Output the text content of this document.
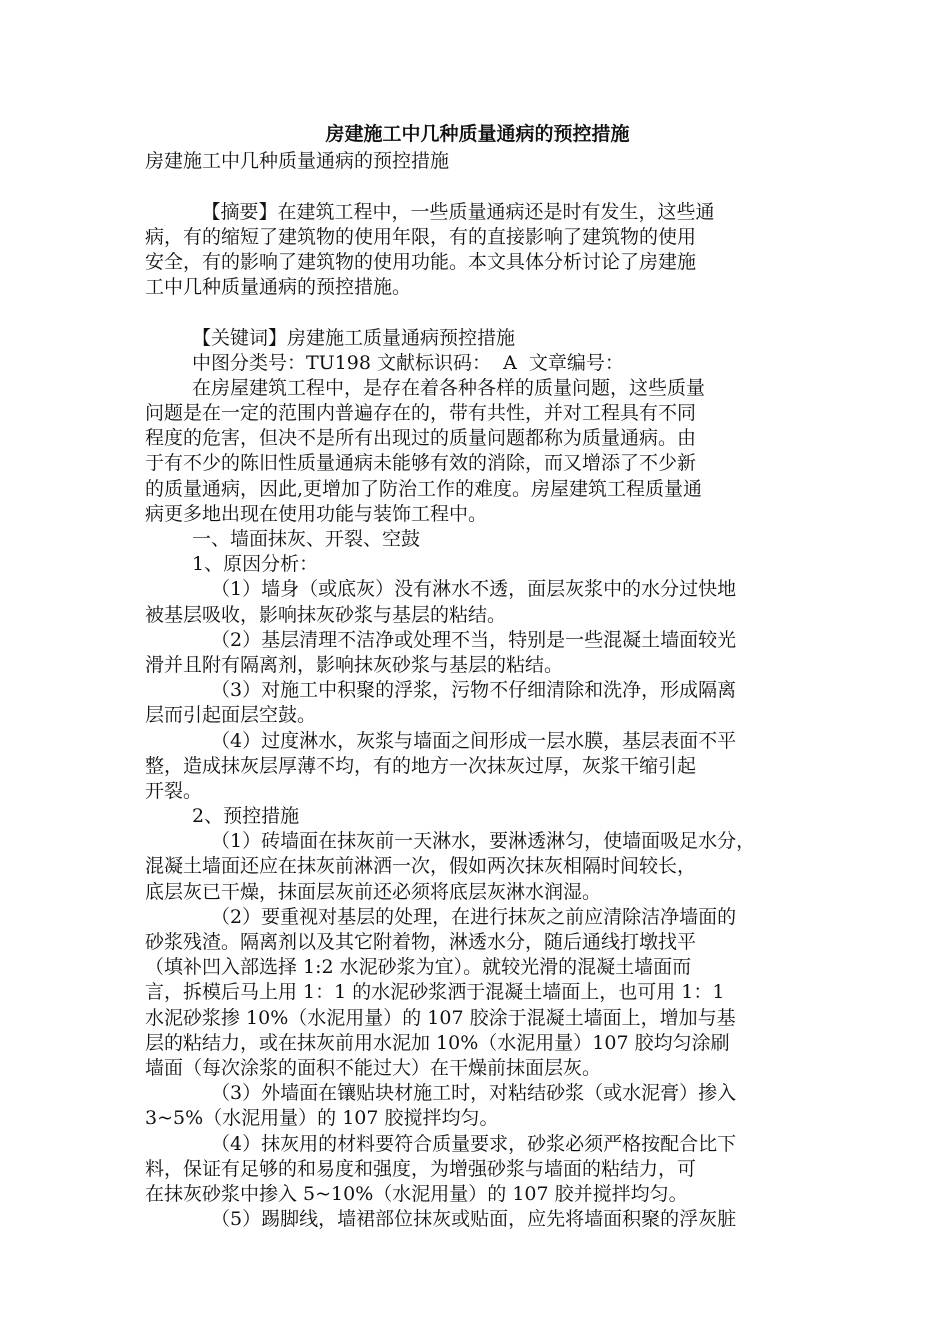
房建施工中几种质量通病的预控措施
房建施工中几种质量通病的预控措施
　【摘要】在建筑工程中，一些质量通病还是时有发生，这些通
病，有的缩短了建筑物的使用年限，有的直接影响了建筑物的使用
安全，有的影响了建筑物的使用功能。本文具体分析讨论了房建施
工中几种质量通病的预控措施。
【关键词】房建施工质量通病预控措施
中图分类号：TU198 文献标识码：  A  文章编号：
在房屋建筑工程中，是存在着各种各样的质量问题，这些质量
问题是在一定的范围内普遍存在的，带有共性，并对工程具有不同
程度的危害，但决不是所有出现过的质量问题都称为质量通病。由
于有不少的陈旧性质量通病未能够有效的消除，而又增添了不少新
的质量通病，因此,更增加了防治工作的难度。房屋建筑工程质量通
病更多地出现在使用功能与装饰工程中。
一、墙面抹灰、开裂、空鼓
1、原因分析：
（1）墙身（或底灰）没有淋水不透，面层灰浆中的水分过快地
被基层吸收，影响抹灰砂浆与基层的粘结。
（2）基层清理不洁净或处理不当，特别是一些混凝土墙面较光
滑并且附有隔离剂，影响抹灰砂浆与基层的粘结。
（3）对施工中积聚的浮浆，污物不仔细清除和洗净，形成隔离
层而引起面层空鼓。
（4）过度淋水，灰浆与墙面之间形成一层水膜，基层表面不平
整，造成抹灰层厚薄不均，有的地方一次抹灰过厚，灰浆干缩引起
开裂。
2、预控措施
（1）砖墙面在抹灰前一天淋水，要淋透淋匀，使墙面吸足水分，
混凝土墙面还应在抹灰前淋洒一次，假如两次抹灰相隔时间较长，
底层灰已干燥，抹面层灰前还必须将底层灰淋水润湿。
（2）要重视对基层的处理，在进行抹灰之前应清除洁净墙面的
砂浆残渣。隔离剂以及其它附着物，淋透水分，随后通线打墩找平
（填补凹入部选择 1:2 水泥砂浆为宜）。就较光滑的混凝土墙面而
言，拆模后马上用 1：1 的水泥砂浆洒于混凝土墙面上，也可用 1：1
水泥砂浆掺 10%（水泥用量）的 107 胶涂于混凝土墙面上，增加与基
层的粘结力，或在抹灰前用水泥加 10%（水泥用量）107 胶均匀涂刷
墙面（每次涂浆的面积不能过大）在干燥前抹面层灰。
（3）外墙面在镶贴块材施工时，对粘结砂浆（或水泥膏）掺入
3~5%（水泥用量）的 107 胶搅拌均匀。
（4）抹灰用的材料要符合质量要求，砂浆必须严格按配合比下
料，保证有足够的和易度和强度，为增强砂浆与墙面的粘结力，可
在抹灰砂浆中掺入 5~10%（水泥用量）的 107 胶并搅拌均匀。
（5）踢脚线，墙裙部位抹灰或贴面，应先将墙面积聚的浮灰脏
